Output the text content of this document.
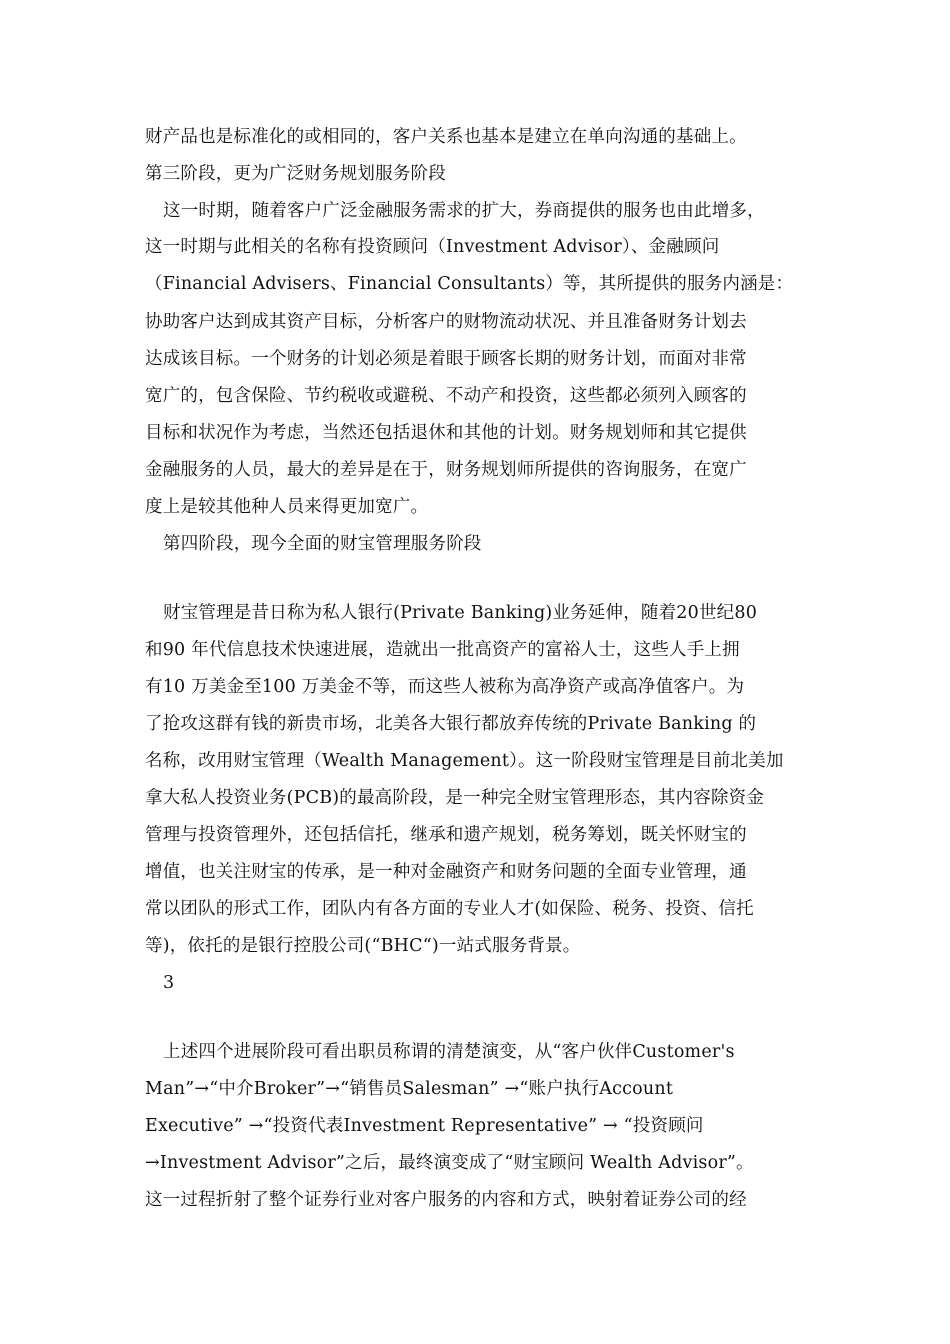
财产品也是标准化的或相同的，客户关系也基本是建立在单向沟通的基础上。
第三阶段，更为广泛财务规划服务阶段
这一时期，随着客户广泛金融服务需求的扩大，券商提供的服务也由此增多，
这一时期与此相关的名称有投资顾问（Investment Advisor）、金融顾问
（Financial Advisers、Financial Consultants）等，其所提供的服务内涵是：
协助客户达到成其资产目标，分析客户的财物流动状况、并且准备财务计划去
达成该目标。一个财务的计划必须是着眼于顾客长期的财务计划，而面对非常
宽广的，包含保险、节约税收或避税、不动产和投资，这些都必须列入顾客的
目标和状况作为考虑，当然还包括退休和其他的计划。财务规划师和其它提供
金融服务的人员，最大的差异是在于，财务规划师所提供的咨询服务，在宽广
度上是较其他种人员来得更加宽广。
第四阶段，现今全面的财宝管理服务阶段
财宝管理是昔日称为私人银行(Private Banking)业务延伸，随着20世纪80
和90 年代信息技术快速进展，造就出一批高资产的富裕人士，这些人手上拥
有10 万美金至100 万美金不等，而这些人被称为高净资产或高净值客户。为
了抢攻这群有钱的新贵市场，北美各大银行都放弃传统的Private Banking 的
名称，改用财宝管理（Wealth Management）。这一阶段财宝管理是目前北美加
拿大私人投资业务(PCB)的最高阶段，是一种完全财宝管理形态，其内容除资金
管理与投资管理外，还包括信托，继承和遗产规划，税务筹划，既关怀财宝的
增值，也关注财宝的传承，是一种对金融资产和财务问题的全面专业管理，通
常以团队的形式工作，团队内有各方面的专业人才(如保险、税务、投资、信托
等)，依托的是银行控股公司(“BHC“)一站式服务背景。
3
上述四个进展阶段可看出职员称谓的清楚演变，从“客户伙伴Customer's
Man”→“中介Broker”→“销售员Salesman” →“账户执行Account
Executive” →“投资代表Investment Representative” → “投资顾问
→Investment Advisor”之后，最终演变成了“财宝顾问 Wealth Advisor”。
这一过程折射了整个证券行业对客户服务的内容和方式，映射着证券公司的经
